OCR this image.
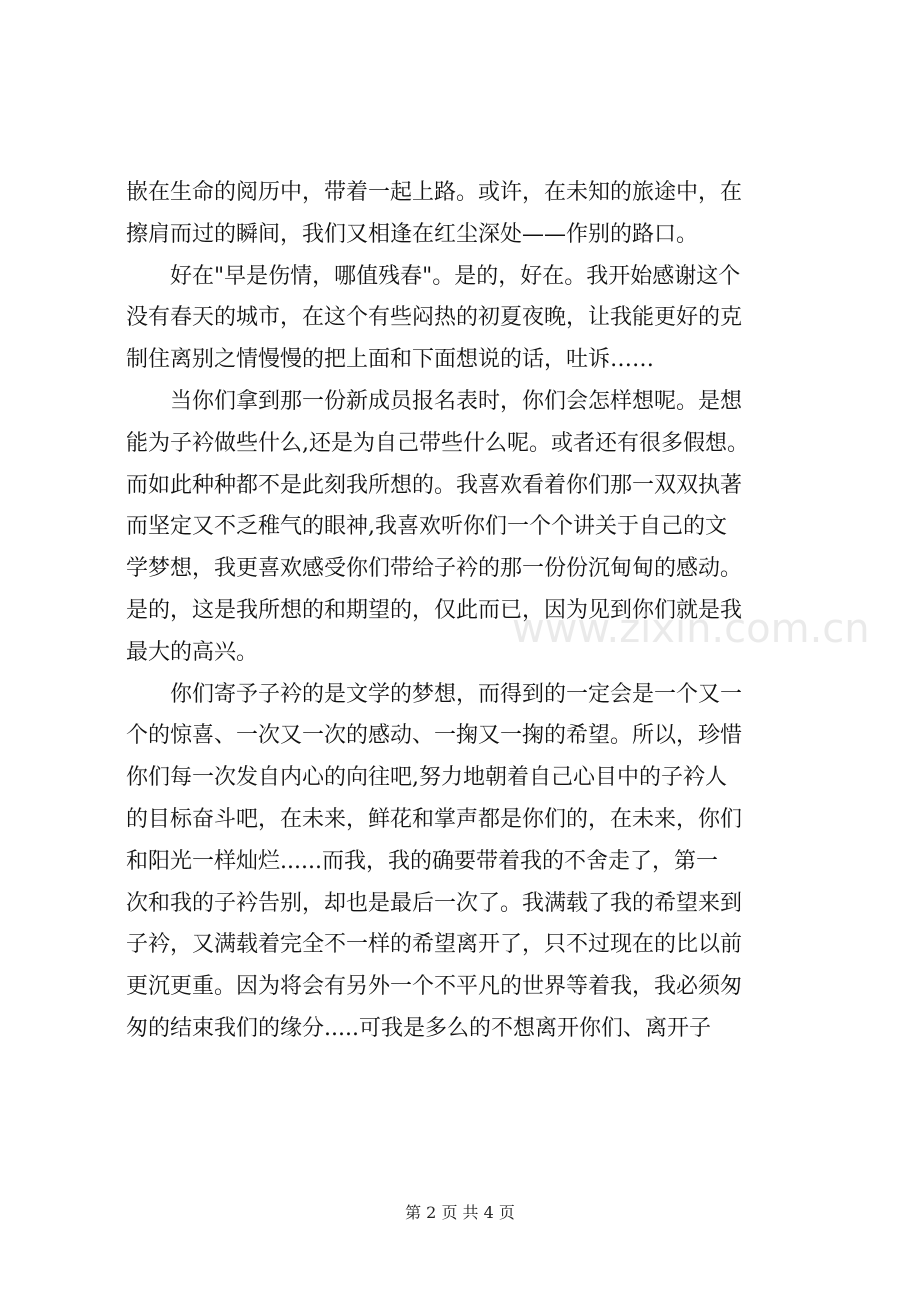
嵌在生命的阅历中，带着一起上路。或许，在未知的旅途中，在
擦肩而过的瞬间，我们又相逢在红尘深处——作别的路口。
　　好在"早是伤情，哪值残春"。是的，好在。我开始感谢这个
没有春天的城市，在这个有些闷热的初夏夜晚，让我能更好的克
制住离别之情慢慢的把上面和下面想说的话，吐诉……
　　当你们拿到那一份新成员报名表时，你们会怎样想呢。是想
能为子衿做些什么,还是为自己带些什么呢。或者还有很多假想。
而如此种种都不是此刻我所想的。我喜欢看着你们那一双双执著
而坚定又不乏稚气的眼神,我喜欢听你们一个个讲关于自己的文
学梦想，我更喜欢感受你们带给子衿的那一份份沉甸甸的感动。
是的，这是我所想的和期望的，仅此而已，因为见到你们就是我
最大的高兴。
　　你们寄予子衿的是文学的梦想，而得到的一定会是一个又一
个的惊喜、一次又一次的感动、一掬又一掬的希望。所以，珍惜
你们每一次发自内心的向往吧,努力地朝着自己心目中的子衿人
的目标奋斗吧，在未来，鲜花和掌声都是你们的，在未来，你们
和阳光一样灿烂......而我，我的确要带着我的不舍走了，第一
次和我的子衿告别，却也是最后一次了。我满载了我的希望来到
子衿，又满载着完全不一样的希望离开了，只不过现在的比以前
更沉更重。因为将会有另外一个不平凡的世界等着我，我必须匆
匆的结束我们的缘分.....可我是多么的不想离开你们、离开子
www.zixin.com.cn
第 2 页 共 4 页
